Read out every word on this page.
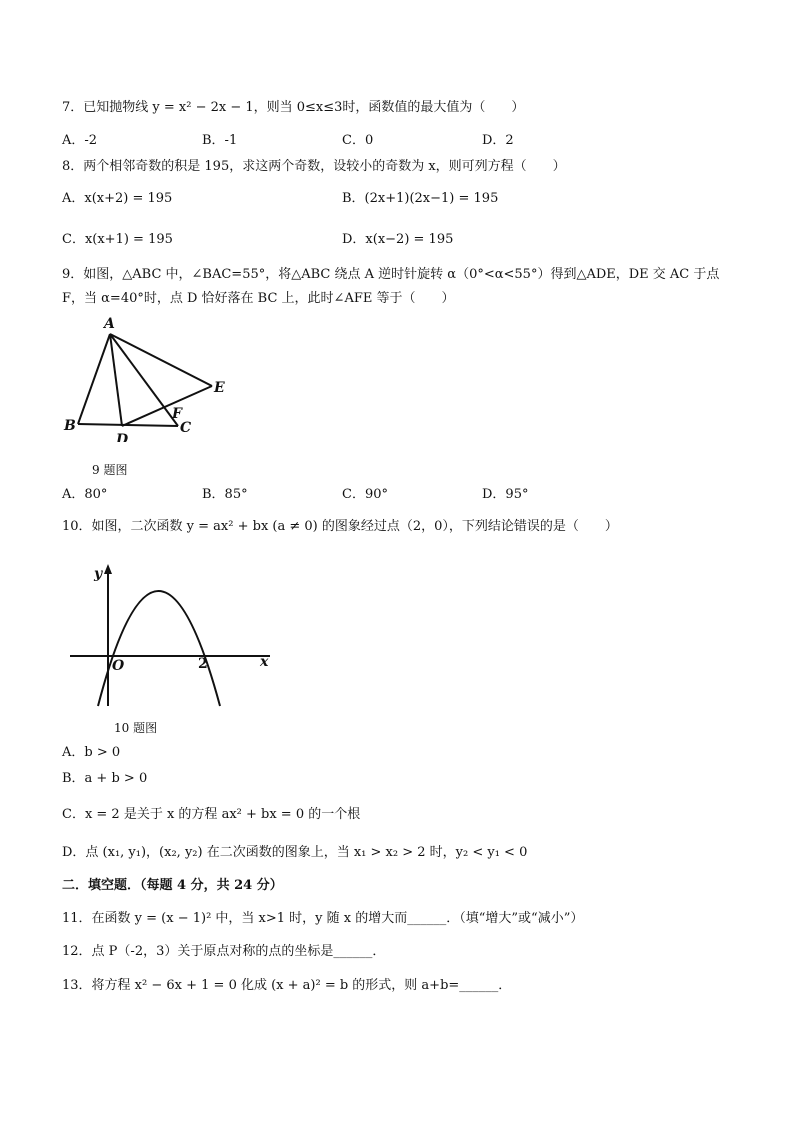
7．已知抛物线 y = x² − 2x − 1，则当 0≤x≤3时，函数值的最大值为（　　）
A．-2	B．-1	C．0	D．2
8．两个相邻奇数的积是 195，求这两个奇数，设较小的奇数为 x，则可列方程（　　）
A．x(x+2) = 195	B．(2x+1)(2x−1) = 195
C．x(x+1) = 195	D．x(x−2) = 195
9．如图，△ABC 中，∠BAC=55°，将△ABC 绕点 A 逆时针旋转 α（0°<α<55°）得到△ADE，DE 交 AC 于点
F，当 α=40°时，点 D 恰好落在 BC 上，此时∠AFE 等于（　　）
A
B
D
C
E
F
9 题图
A．80°	B．85°	C．90°	D．95°
10．如图，二次函数 y = ax² + bx (a ≠ 0) 的图象经过点（2，0），下列结论错误的是（　　）
y
x
O	2
10 题图
A．b > 0
B．a + b > 0
C．x = 2 是关于 x 的方程 ax² + bx = 0 的一个根
D．点 (x₁, y₁)，(x₂, y₂) 在二次函数的图象上，当 x₁ > x₂ > 2 时，y₂ < y₁ < 0
二．填空题．（每题 4 分，共 24 分）
11．在函数 y = (x − 1)² 中，当 x>1 时，y 随 x 的增大而______．（填“增大”或“减小”）
12．点 P（-2，3）关于原点对称的点的坐标是______．
13．将方程 x² − 6x + 1 = 0 化成 (x + a)² = b 的形式，则 a+b=______．
